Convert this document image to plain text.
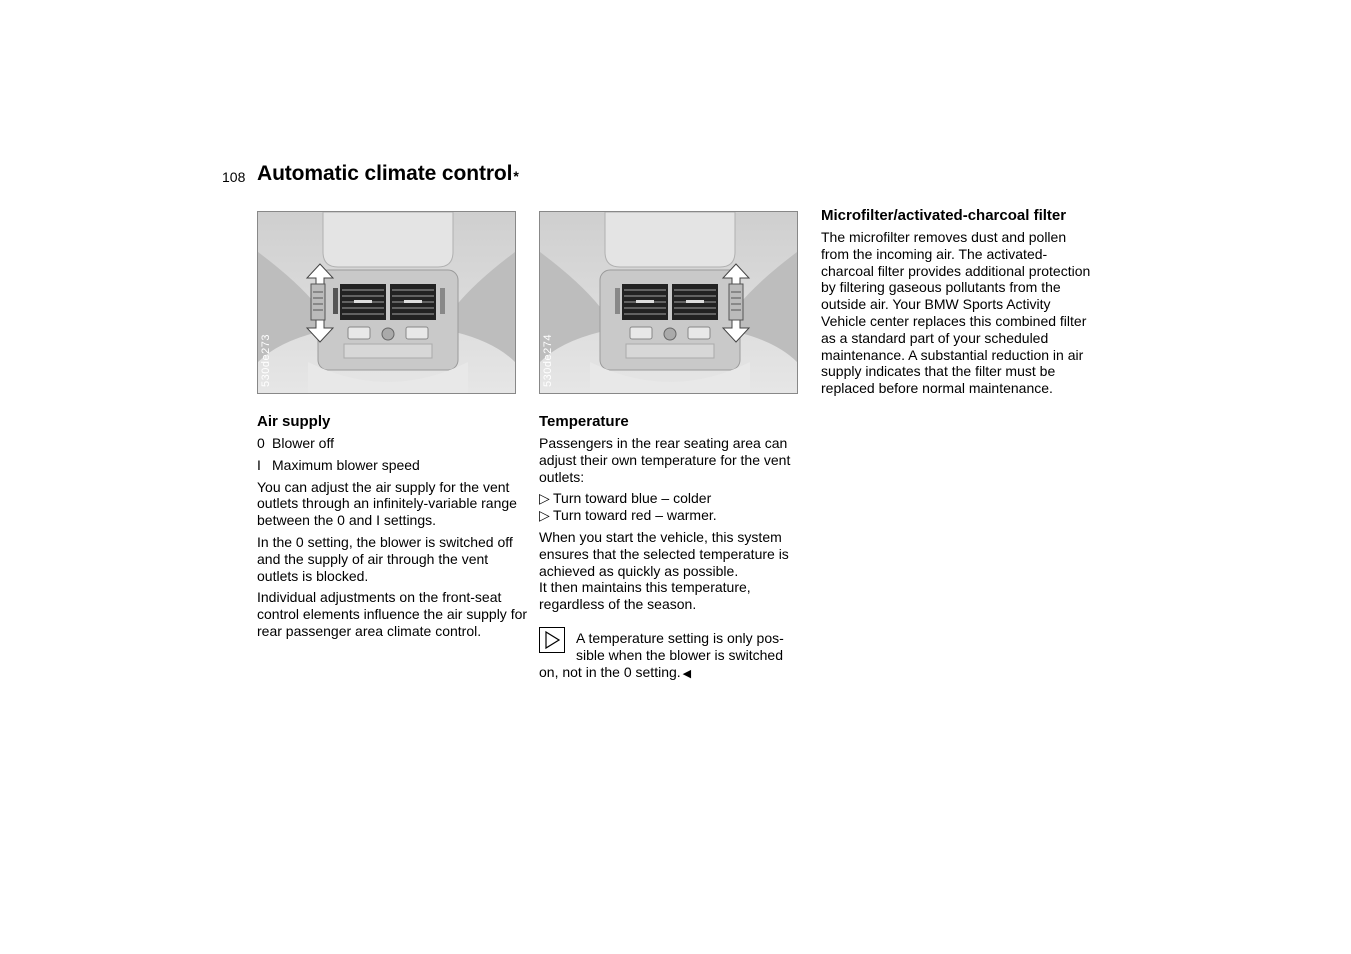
108 Automatic climate control*
530de273	530de274
Air supply
0 Blower off
I Maximum blower speed

You can adjust the air supply for the vent outlets through an infinitely-variable range between the 0 and I settings.

In the 0 setting, the blower is switched off and the supply of air through the vent outlets is blocked.

Individual adjustments on the front-seat control elements influence the air supply for rear passenger area climate control.

Temperature

Passengers in the rear seating area can adjust their own temperature for the vent outlets:

▷ Turn toward blue – colder
▷ Turn toward red – warmer.

When you start the vehicle, this system ensures that the selected temperature is achieved as quickly as possible.

It then maintains this temperature, regardless of the season.

A temperature setting is only pos-
sible when the blower is switched
on, not in the 0 setting. ◀
Microfilter/activated-charcoal filter

The microfilter removes dust and pollen from the incoming air. The activated-charcoal filter provides additional protection by filtering gaseous pollutants from the outside air. Your BMW Sports Activity Vehicle center replaces this combined filter as a standard part of your scheduled maintenance. A substantial reduction in air supply indicates that the filter must be replaced before normal maintenance.
